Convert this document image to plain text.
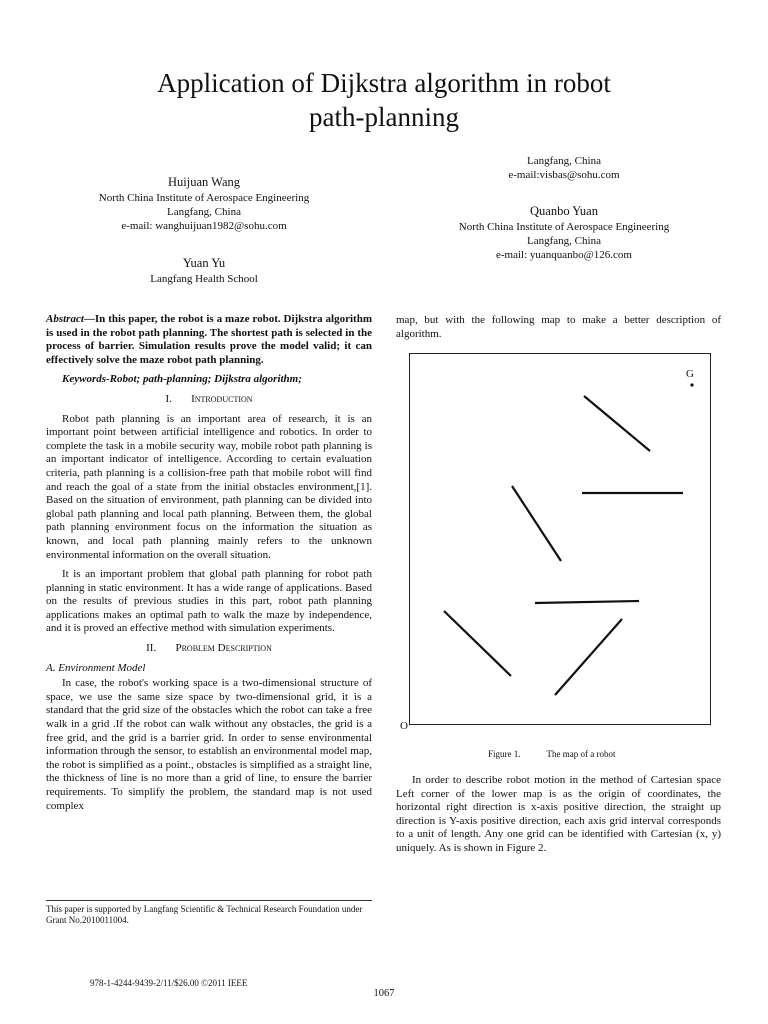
Application of Dijkstra algorithm in robot
path-planning
Huijuan Wang
North China Institute of Aerospace Engineering
Langfang, China
e-mail: wanghuijuan1982@sohu.com
Yuan Yu
Langfang Health School
Langfang, China
e-mail:visbas@sohu.com
Quanbo Yuan
North China Institute of Aerospace Engineering
Langfang, China
e-mail: yuanquanbo@126.com

Abstract—In this paper, the robot is a maze robot. Dijkstra algorithm is used in the robot path planning. The shortest path is selected in the process of barrier. Simulation results prove the model valid; it can effectively solve the maze robot path planning.

Keywords-Robot; path-planning; Dijkstra algorithm;

I. Introduction

Robot path planning is an important area of research, it is an important point between artificial intelligence and robotics. In order to complete the task in a mobile security way, mobile robot path planning is an important indicator of intelligence. According to certain evaluation criteria, path planning is a collision-free path that mobile robot will find and reach the goal of a state from the initial obstacles environment,[1]. Based on the situation of environment, path planning can be divided into global path planning and local path planning. Between them, the global path planning environment focus on the information the situation as known, and local path planning mainly refers to the unknown environmental information on the overall situation.

It is an important problem that global path planning for robot path planning in static environment. It has a wide range of applications. Based on the results of previous studies in this part, robot path planning applications makes an optimal path to walk the maze by independence, and it is proved an effective method with simulation experiments.

II. Problem Description
A. Environment Model

In case, the robot's working space is a two-dimensional structure of space, we use the same size space by two-dimensional grid, it is a standard that the grid size of the obstacles which the robot can take a free walk in a grid .If the robot can walk without any obstacles, the grid is a free grid, and the grid is a barrier grid. In order to sense environmental information through the sensor, to establish an environmental model map, the robot is simplified as a point., obstacles is simplified as a straight line, the thickness of line is no more than a grid of line, to ensure the barrier requirements. To simplify the problem, the standard map is not used complex

map, but with the following map to make a better description of algorithm.

G
O
Figure 1.	The map of a robot

In order to describe robot motion in the method of Cartesian space Left corner of the lower map is as the origin of coordinates, the horizontal right direction is x-axis positive direction, the straight up direction is Y-axis positive direction, each axis grid interval corresponds to a unit of length. Any one grid can be identified with Cartesian (x, y) uniquely. As is shown in Figure 2.

This paper is supported by Langfang Scientific & Technical Research Foundation under Grant No.2010011004.
978-1-4244-9439-2/11/$26.00 ©2011 IEEE
1067
